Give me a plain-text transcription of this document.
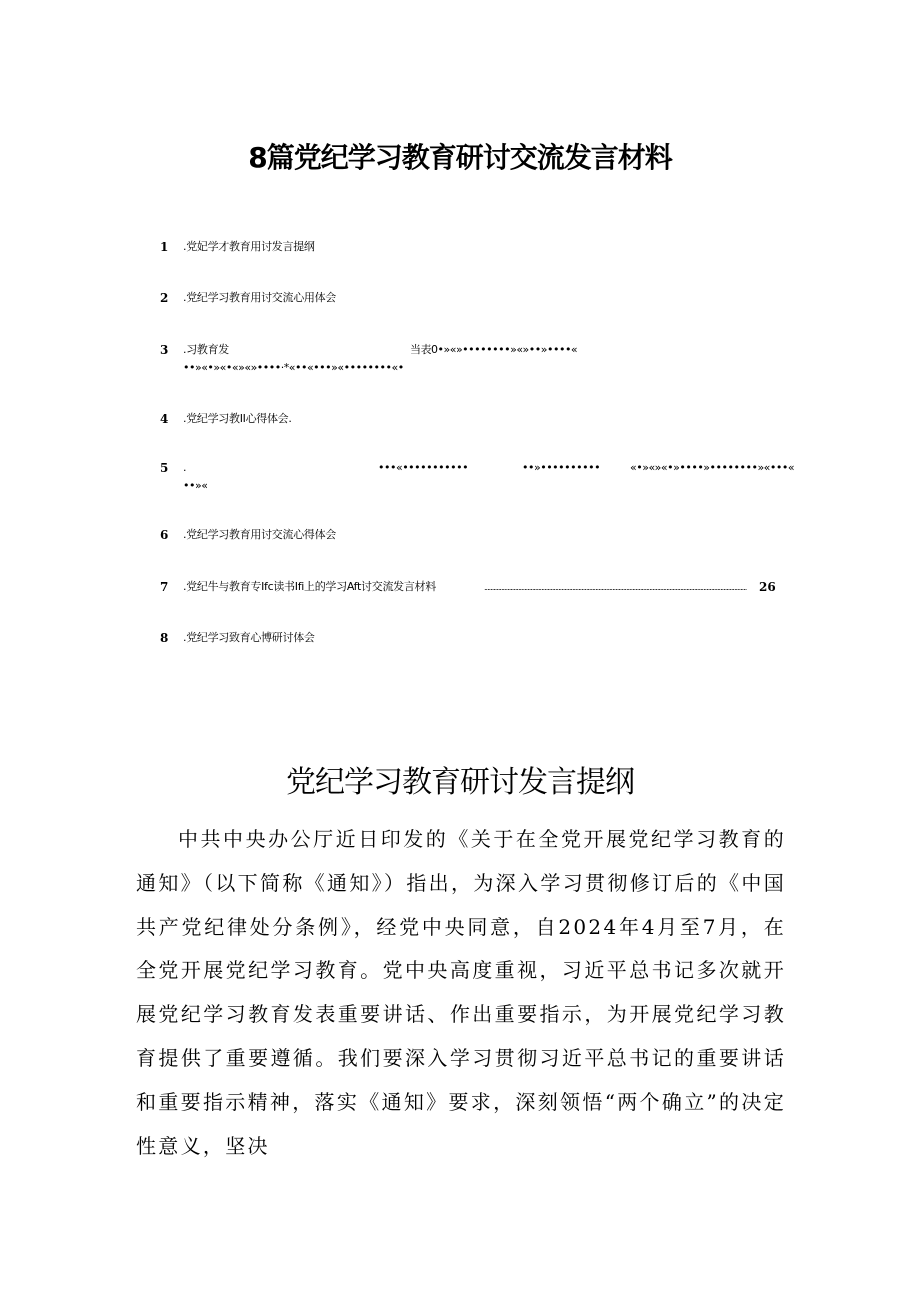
8篇党纪学习教育研讨交流发言材料
1	.党妃学才教育用讨发言提纲
2	.党纪学习教育用讨交流心用体会
3	.习教育发	当表0•»«»••••••••»«»••»••••«
••»«•»«•«»«»••••·*«••«•••»«••••••••«•
4	.党纪学习教II心得体会.
5	.	•••«•••••••••••	••»••••••••••	«•»«»«•»••••»••••••••»«•••«
••»«
6	.党纪学习教育用讨交流心得体会
7	.党纪牛与教育专Ifc读书Ifi上的学习Aft讨交流发言材料	..........................................................................................................................................................................	26
8	.党纪学习致育心博研讨体会
党纪学习教育研讨发言提纲

中共中央办公厅近日印发的《关于在全党开展党纪学习教育的通知》（以下简称《通知》）指出，为深入学习贯彻修订后的《中国共产党纪律处分条例》，经党中央同意，自2024年4月至7月，在全党开展党纪学习教育。党中央高度重视，习近平总书记多次就开展党纪学习教育发表重要讲话、作出重要指示，为开展党纪学习教育提供了重要遵循。我们要深入学习贯彻习近平总书记的重要讲话和重要指示精神，落实《通知》要求，深刻领悟“两个确立”的决定性意义，坚决
